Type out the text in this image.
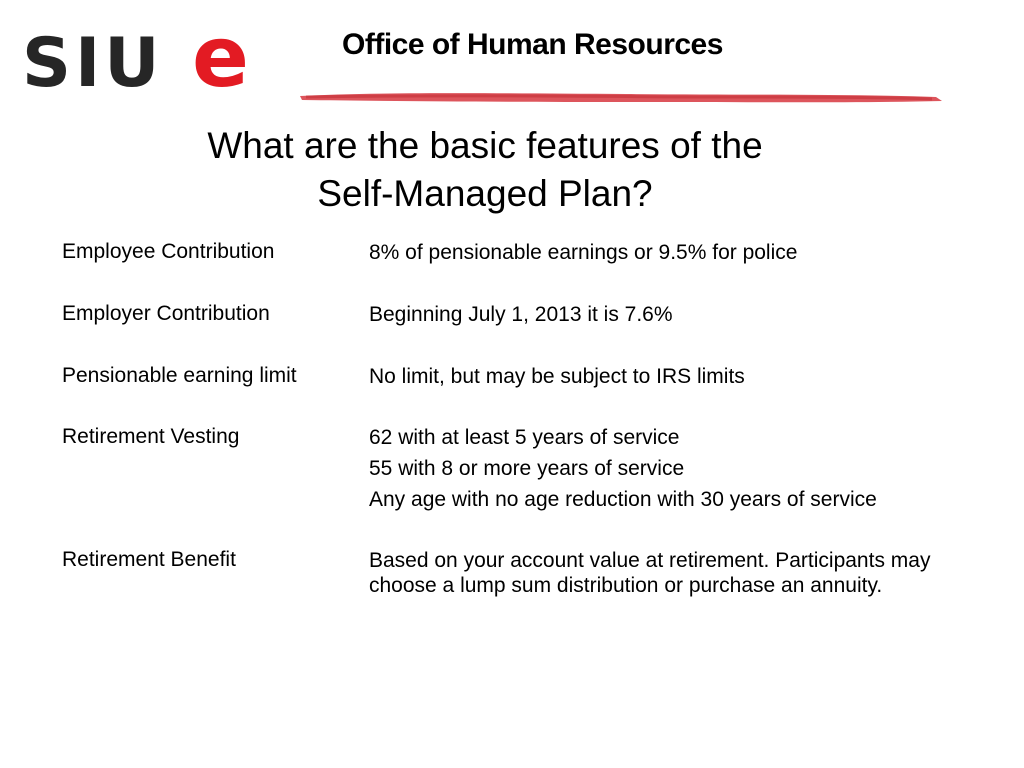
SIU e	Office of Human Resources
What are the basic features of the
Self-Managed Plan?
Employee Contribution	8% of pensionable earnings or 9.5% for police
Employer Contribution	Beginning July 1, 2013 it is 7.6%
Pensionable earning limit	No limit, but may be subject to IRS limits
Retirement Vesting	62 with at least 5 years of service
55 with 8 or more years of service
Any age with no age reduction with 30 years of service
Retirement Benefit	Based on your account value at retirement. Participants may choose a lump sum distribution or purchase an annuity.
